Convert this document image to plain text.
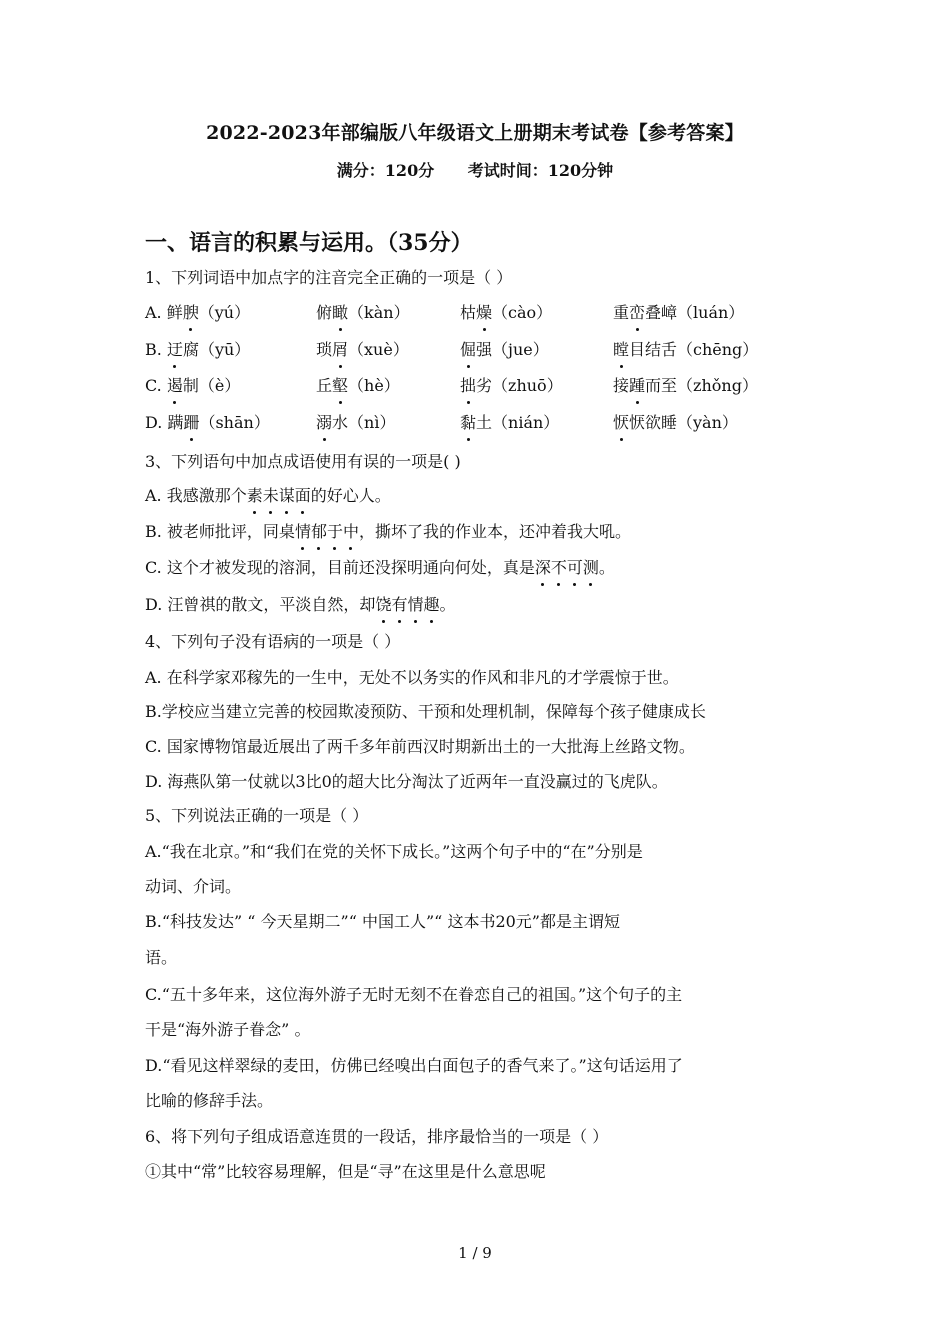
2022-2023年部编版八年级语文上册期末考试卷【参考答案】
满分：120分 考试时间：120分钟
一、语言的积累与运用。（35分）
1、下列词语中加点字的注音完全正确的一项是（ ）
A. 鲜腴（yú）	俯瞰（kàn）	枯燥（cào）	重峦叠嶂（luán）
B. 迂腐（yū）	琐屑（xuè）	倔强（jue）	瞠目结舌（chēng）
C. 遏制（è）	丘壑（hè）	拙劣（zhuō）	接踵而至（zhǒng）
D. 蹒跚（shān）	溺水（nì）	黏土（nián）	恹恹欲睡（yàn）
3、下列语句中加点成语使用有误的一项是( )
A. 我感激那个素未谋面的好心人。
B. 被老师批评，同桌情郁于中，撕坏了我的作业本，还冲着我大吼。
C. 这个才被发现的溶洞，目前还没探明通向何处，真是深不可测。
D. 汪曾祺的散文，平淡自然，却饶有情趣。
4、下列句子没有语病的一项是（ ）
A. 在科学家邓稼先的一生中，无处不以务实的作风和非凡的才学震惊于世。
B.学校应当建立完善的校园欺凌预防、干预和处理机制，保障每个孩子健康成长
C. 国家博物馆最近展出了两千多年前西汉时期新出土的一大批海上丝路文物。
D. 海燕队第一仗就以3比0的超大比分淘汰了近两年一直没赢过的飞虎队。
5、下列说法正确的一项是（ ）
A.“我在北京。”和“我们在党的关怀下成长。”这两个句子中的“在”分别是
动词、介词。
B.“科技发达” “ 今天星期二”“ 中国工人”“ 这本书20元”都是主谓短
语。
C.“五十多年来，这位海外游子无时无刻不在眷恋自己的祖国。”这个句子的主
干是“海外游子眷念” 。
D.“看见这样翠绿的麦田，仿佛已经嗅出白面包子的香气来了。”这句话运用了
比喻的修辞手法。
6、将下列句子组成语意连贯的一段话，排序最恰当的一项是（ ）
①其中“常”比较容易理解，但是“寻”在这里是什么意思呢
1 / 9
